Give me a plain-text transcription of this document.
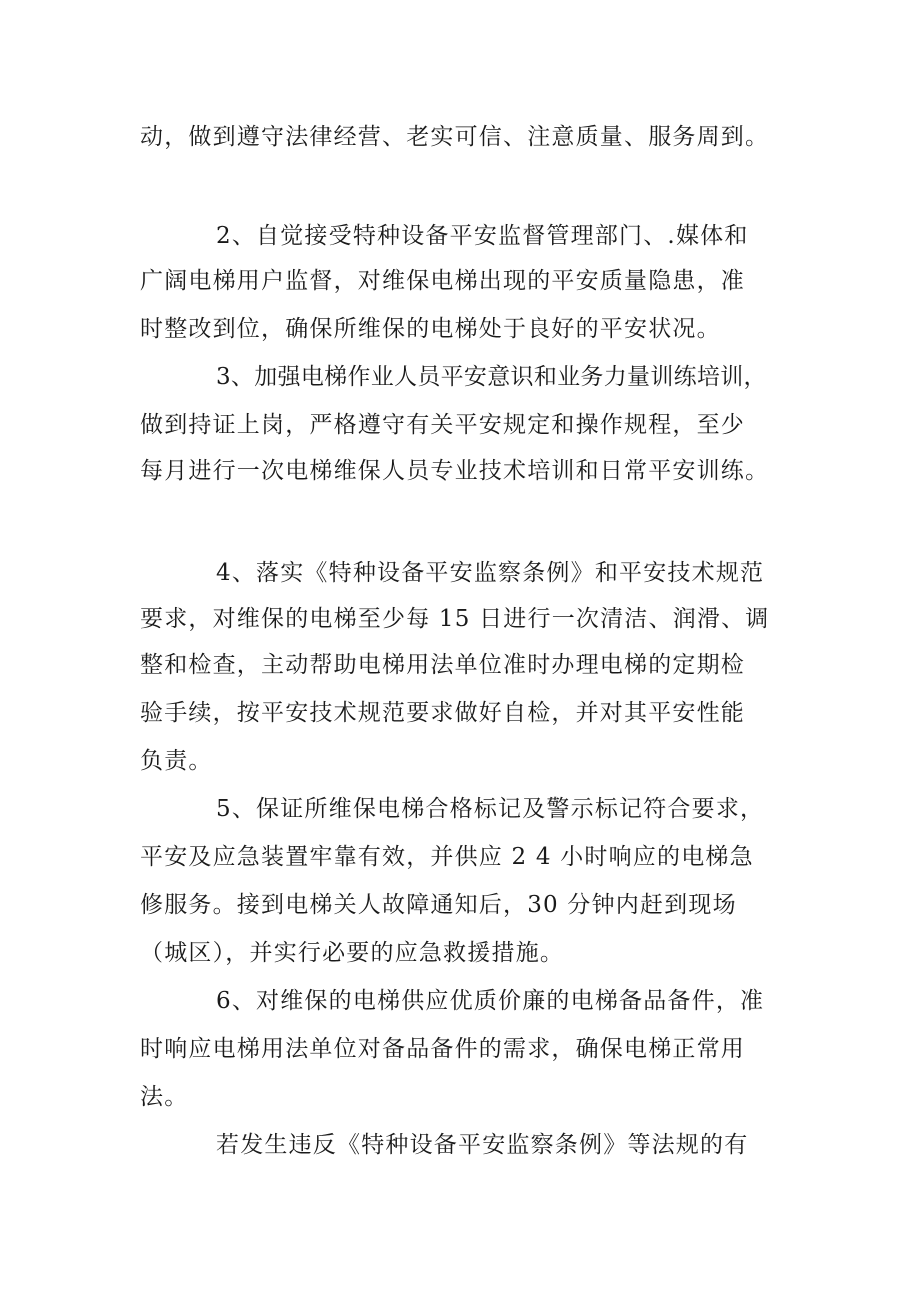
动，做到遵守法律经营、老实可信、注意质量、服务周到。
2、自觉接受特种设备平安监督管理部门、.媒体和
广阔电梯用户监督，对维保电梯出现的平安质量隐患，准
时整改到位，确保所维保的电梯处于良好的平安状况。
3、加强电梯作业人员平安意识和业务力量训练培训，
做到持证上岗，严格遵守有关平安规定和操作规程，至少
每月进行一次电梯维保人员专业技术培训和日常平安训练。
4、落实《特种设备平安监察条例》和平安技术规范
要求，对维保的电梯至少每 15 日进行一次清洁、润滑、调
整和检查，主动帮助电梯用法单位准时办理电梯的定期检
验手续，按平安技术规范要求做好自检，并对其平安性能
负责。
5、保证所维保电梯合格标记及警示标记符合要求，
平安及应急装置牢靠有效，并供应 2 4 小时响应的电梯急
修服务。接到电梯关人故障通知后，30 分钟内赶到现场
（城区），并实行必要的应急救援措施。
6、对维保的电梯供应优质价廉的电梯备品备件，准
时响应电梯用法单位对备品备件的需求，确保电梯正常用
法。
若发生违反《特种设备平安监察条例》等法规的有
